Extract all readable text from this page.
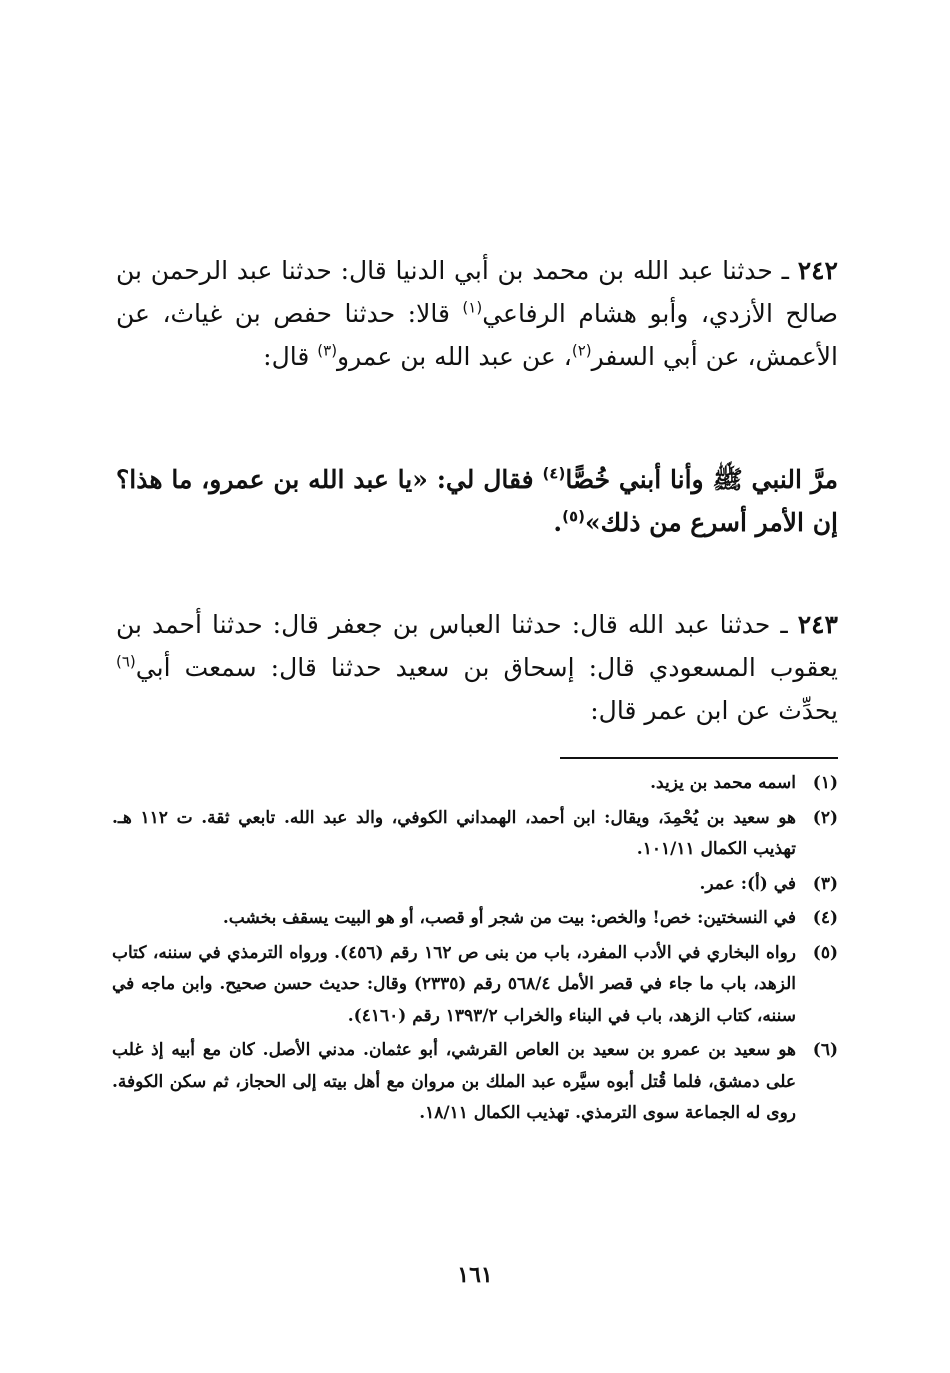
٢٤٢ ـ حدثنا عبد الله بن محمد بن أبي الدنيا قال: حدثنا عبد الرحمن بن صالح الأزدي، وأبو هشام الرفاعي$^{(١)}$ قالا: حدثنا حفص بن غياث، عن الأعمش، عن أبي السفر$^{(٢)}$، عن عبد الله بن عمرو$^{(٣)}$ قال:

مرَّ النبي ﷺ وأنا أبني خُصًّا$^{(٤)}$ فقال لي: «يا عبد الله بن عمرو، ما هذا؟ إن الأمر أسرع من ذلك»$^{(٥)}$.

٢٤٣ ـ حدثنا عبد الله قال: حدثنا العباس بن جعفر قال: حدثنا أحمد بن يعقوب المسعودي قال: إسحاق بن سعيد حدثنا قال: سمعت أبي$^{(٦)}$ يحدِّث عن ابن عمر قال:

(١)
اسمه محمد بن يزيد.
(٢)
هو سعيد بن يُحْمِدَ، ويقال: ابن أحمد، الهمداني الكوفي، والد عبد الله. تابعي ثقة. ت ١١٢ هـ. تهذيب الكمال ١٠١/١١.
(٣)
في (أ): عمر.
(٤)
في النسختين: خص! والخص: بيت من شجر أو قصب، أو هو البيت يسقف بخشب.
(٥)
رواه البخاري في الأدب المفرد، باب من بنى ص ١٦٢ رقم (٤٥٦). ورواه الترمذي في سننه، كتاب الزهد، باب ما جاء في قصر الأمل ٥٦٨/٤ رقم (٢٣٣٥) وقال: حديث حسن صحيح. وابن ماجه في سننه، كتاب الزهد، باب في البناء والخراب ١٣٩٣/٢ رقم (٤١٦٠).
(٦)
هو سعيد بن عمرو بن سعيد بن العاص القرشي، أبو عثمان. مدني الأصل. كان مع أبيه إذ غلب على دمشق، فلما قُتل أبوه سيَّره عبد الملك بن مروان مع أهل بيته إلى الحجاز، ثم سكن الكوفة. روى له الجماعة سوى الترمذي. تهذيب الكمال ١٨/١١.
١٦١
